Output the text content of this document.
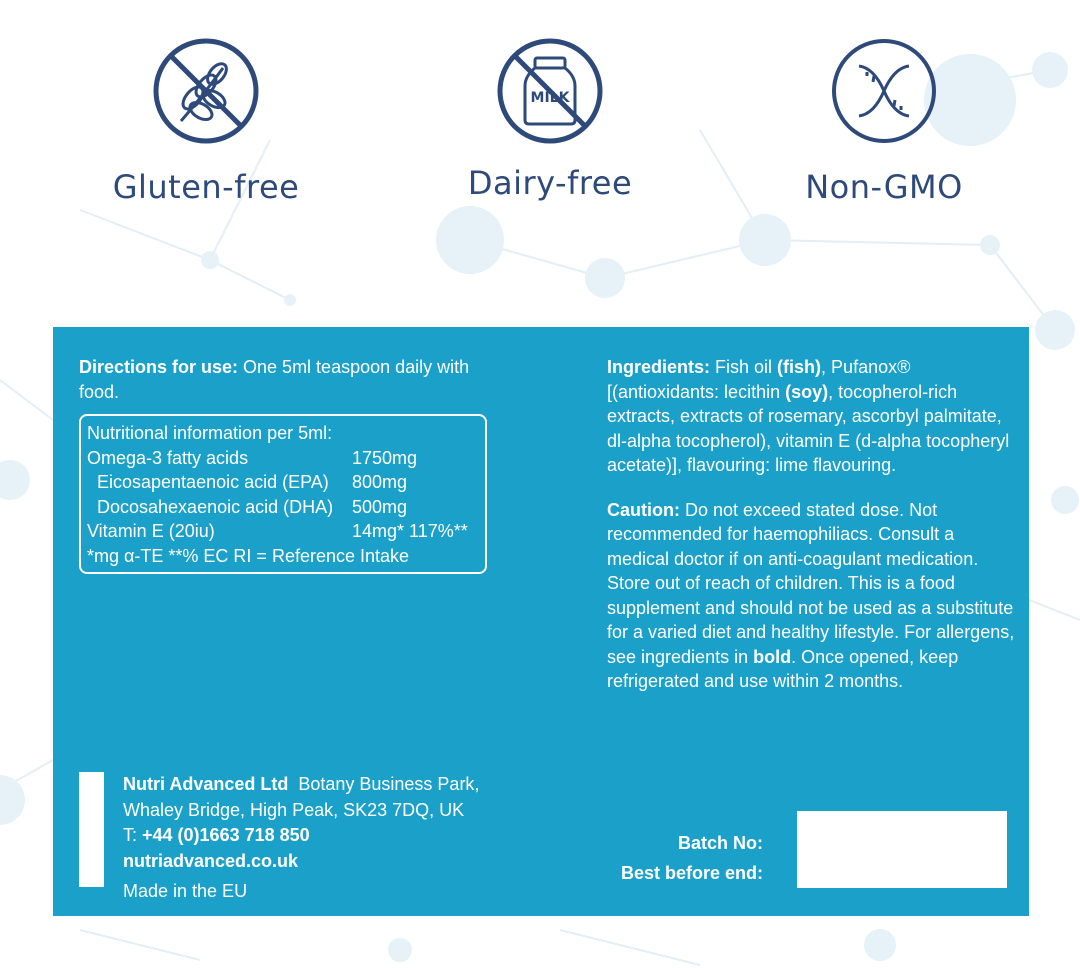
Gluten-free
MILK
Dairy-free	Non-GMO
Directions for use: One 5ml teaspoon daily with food.
Nutritional information per 5ml:
Omega-3 fatty acids	1750mg
Eicosapentaenoic acid (EPA)	800mg
Docosahexaenoic acid (DHA)	500mg
Vitamin E (20iu)	14mg* 117%**
*mg α-TE **% EC RI = Reference Intake
Ingredients: Fish oil (fish), Pufanox® [(antioxidants: lecithin (soy), tocopherol-rich extracts, extracts of rosemary, ascorbyl palmitate, dl-alpha tocopherol), vitamin E (d-alpha tocopheryl acetate)], flavouring: lime flavouring.
Caution: Do not exceed stated dose. Not recommended for haemophiliacs. Consult a medical doctor if on anti-coagulant medication. Store out of reach of children. This is a food supplement and should not be used as a substitute for a varied diet and healthy lifestyle. For allergens, see ingredients in bold. Once opened, keep refrigerated and use within 2 months.
Nutri Advanced Ltd  Botany Business Park,
Whaley Bridge, High Peak, SK23 7DQ, UK
T: +44 (0)1663 718 850
nutriadvanced.co.uk
Made in the EU
Batch No:
Best before end:
